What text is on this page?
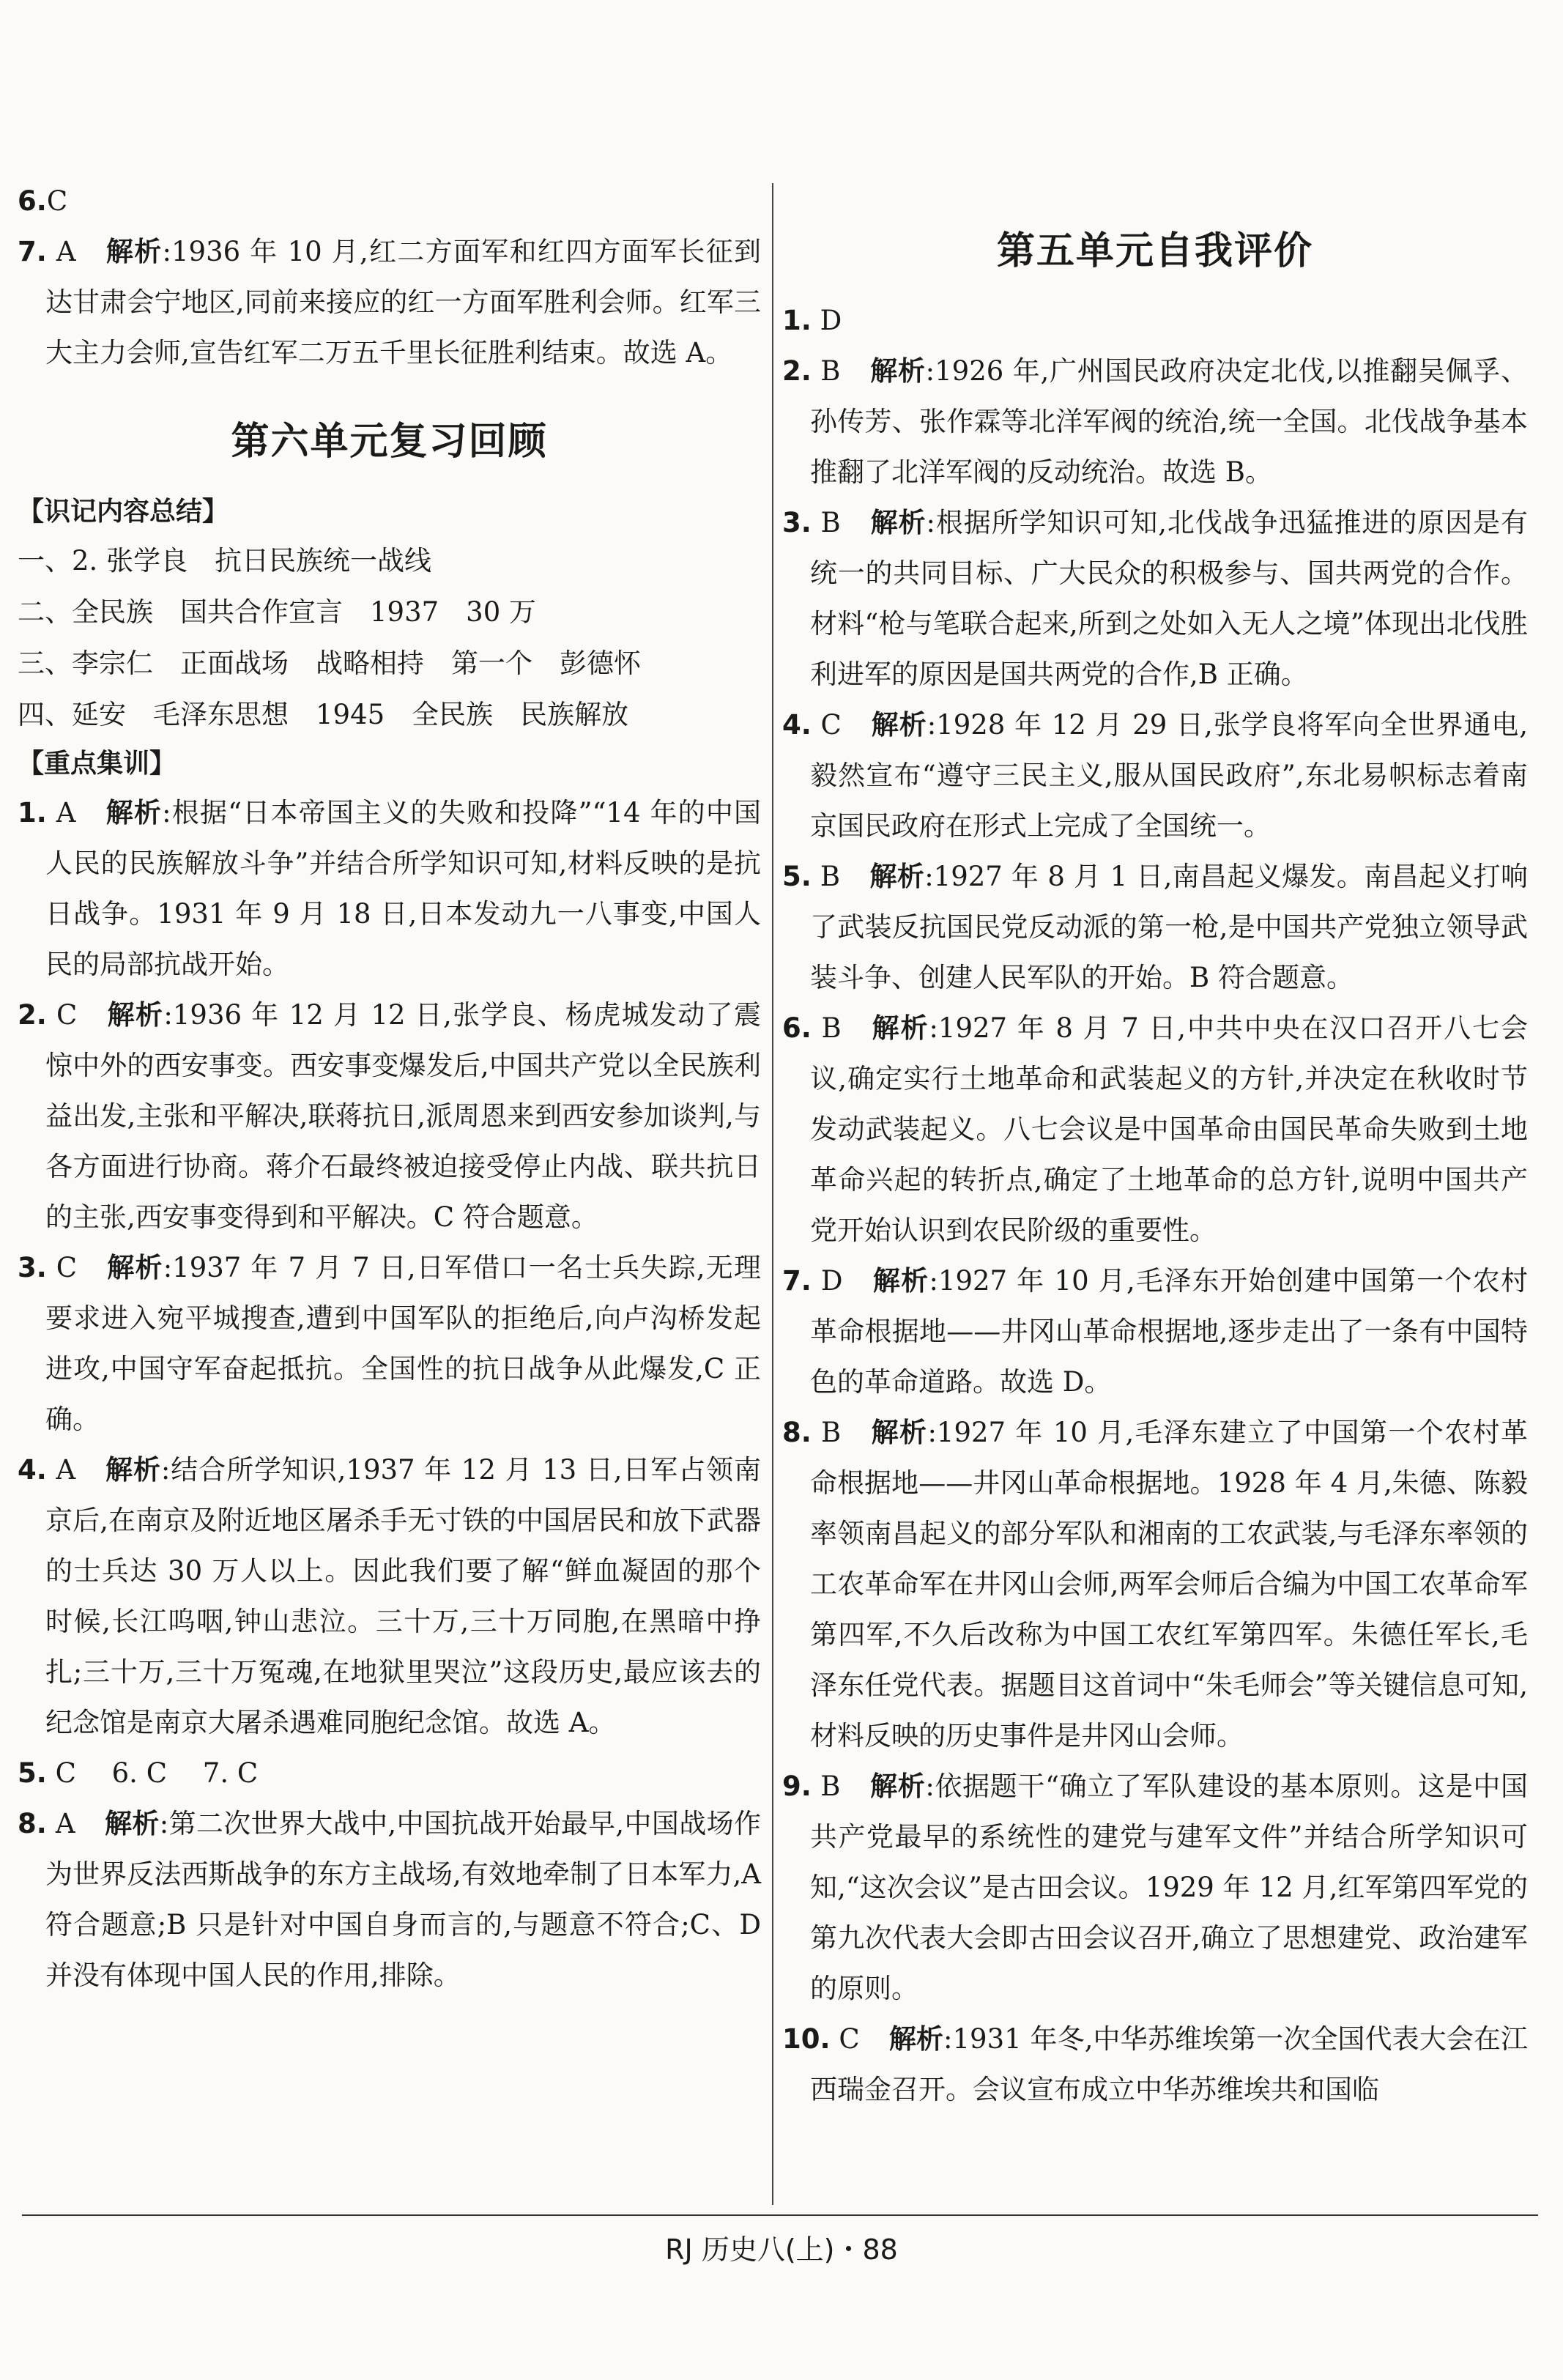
6.C

7. A 解析:1936 年 10 月,红二方面军和红四方面军长征到达甘肃会宁地区,同前来接应的红一方面军胜利会师。红军三大主力会师,宣告红军二万五千里长征胜利结束。故选 A。

第六单元复习回顾

【识记内容总结】

一、2. 张学良　抗日民族统一战线

二、全民族　国共合作宣言　1937　30 万

三、李宗仁　正面战场　战略相持　第一个　彭德怀

四、延安　毛泽东思想　1945　全民族　民族解放

【重点集训】

1. A 解析:根据“日本帝国主义的失败和投降”“14 年的中国人民的民族解放斗争”并结合所学知识可知,材料反映的是抗日战争。1931 年 9 月 18 日,日本发动九一八事变,中国人民的局部抗战开始。

2. C 解析:1936 年 12 月 12 日,张学良、杨虎城发动了震惊中外的西安事变。西安事变爆发后,中国共产党以全民族利益出发,主张和平解决,联蒋抗日,派周恩来到西安参加谈判,与各方面进行协商。蒋介石最终被迫接受停止内战、联共抗日的主张,西安事变得到和平解决。C 符合题意。

3. C 解析:1937 年 7 月 7 日,日军借口一名士兵失踪,无理要求进入宛平城搜查,遭到中国军队的拒绝后,向卢沟桥发起进攻,中国守军奋起抵抗。全国性的抗日战争从此爆发,C 正确。

4. A 解析:结合所学知识,1937 年 12 月 13 日,日军占领南京后,在南京及附近地区屠杀手无寸铁的中国居民和放下武器的士兵达 30 万人以上。因此我们要了解“鲜血凝固的那个时候,长江呜咽,钟山悲泣。三十万,三十万同胞,在黑暗中挣扎;三十万,三十万冤魂,在地狱里哭泣”这段历史,最应该去的纪念馆是南京大屠杀遇难同胞纪念馆。故选 A。

5. C　 6. C　 7. C

8. A 解析:第二次世界大战中,中国抗战开始最早,中国战场作为世界反法西斯战争的东方主战场,有效地牵制了日本军力,A 符合题意;B 只是针对中国自身而言的,与题意不符合;C、D 并没有体现中国人民的作用,排除。

第五单元自我评价

1. D

2. B 解析:1926 年,广州国民政府决定北伐,以推翻吴佩孚、孙传芳、张作霖等北洋军阀的统治,统一全国。北伐战争基本推翻了北洋军阀的反动统治。故选 B。

3. B 解析:根据所学知识可知,北伐战争迅猛推进的原因是有统一的共同目标、广大民众的积极参与、国共两党的合作。材料“枪与笔联合起来,所到之处如入无人之境”体现出北伐胜利进军的原因是国共两党的合作,B 正确。

4. C 解析:1928 年 12 月 29 日,张学良将军向全世界通电,毅然宣布“遵守三民主义,服从国民政府”,东北易帜标志着南京国民政府在形式上完成了全国统一。

5. B 解析:1927 年 8 月 1 日,南昌起义爆发。南昌起义打响了武装反抗国民党反动派的第一枪,是中国共产党独立领导武装斗争、创建人民军队的开始。B 符合题意。

6. B 解析:1927 年 8 月 7 日,中共中央在汉口召开八七会议,确定实行土地革命和武装起义的方针,并决定在秋收时节发动武装起义。八七会议是中国革命由国民革命失败到土地革命兴起的转折点,确定了土地革命的总方针,说明中国共产党开始认识到农民阶级的重要性。

7. D 解析:1927 年 10 月,毛泽东开始创建中国第一个农村革命根据地——井冈山革命根据地,逐步走出了一条有中国特色的革命道路。故选 D。

8. B 解析:1927 年 10 月,毛泽东建立了中国第一个农村革命根据地——井冈山革命根据地。1928 年 4 月,朱德、陈毅率领南昌起义的部分军队和湘南的工农武装,与毛泽东率领的工农革命军在井冈山会师,两军会师后合编为中国工农革命军第四军,不久后改称为中国工农红军第四军。朱德任军长,毛泽东任党代表。据题目这首词中“朱毛师会”等关键信息可知,材料反映的历史事件是井冈山会师。

9. B 解析:依据题干“确立了军队建设的基本原则。这是中国共产党最早的系统性的建党与建军文件”并结合所学知识可知,“这次会议”是古田会议。1929 年 12 月,红军第四军党的第九次代表大会即古田会议召开,确立了思想建党、政治建军的原则。

10. C 解析:1931 年冬,中华苏维埃第一次全国代表大会在江西瑞金召开。会议宣布成立中华苏维埃共和国临

RJ 历史八(上)・88
